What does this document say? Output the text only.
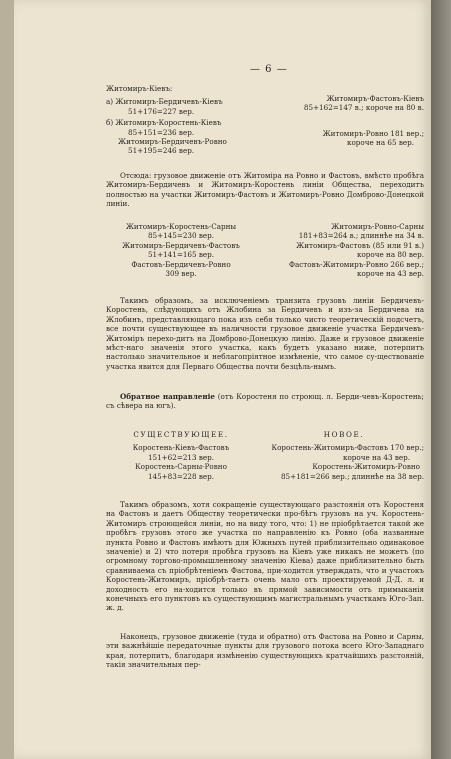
— 6 —
Житомиръ-Кіевъ:
а) Житомиръ-Бердичевъ-Кіевъ
51+176=227 вер.
б) Житомиръ-Коростень-Кіевъ
85+151=236 вер.
Житомиръ-Бердичевъ-Ровно
51+195=246 вер.
Житомиръ-Фастовъ-Кіевъ
85+162=147 в.; короче на 80 в.
Житомиръ-Ровно 181 вер.;
короче на 65 вер.
Отсюда: грузовое движеніе отъ Житоміра на Ровно и Фастовъ, вмѣсто пробѣга Житомиръ-Бердичевъ и Житомиръ-Коростень линіи Общества, переходитъ полностью на участки Житомиръ-Фастовъ и Житомиръ-Ровно Домброво-Донецкой линіи.
Житомиръ-Коростень-Сарны
85+145=230 вер.
Житомиръ-Бердичевъ-Фастовъ
51+141=165 вер.
Фастовъ-Бердичевъ-Ровно
309 вер.
Житомиръ-Ровно-Сарны
181+83=264 в.; длиннѣе на 34 в.
Житомиръ-Фастовъ (85 или 91 в.)
короче на 80 вер.
Фастовъ-Житомиръ-Ровно 266 вер.;
короче на 43 вер.
Такимъ образомъ, за исключеніемъ транзита грузовъ линіи Бердичевъ-Коростень, слѣдующихъ отъ Жлобина за Бердичевъ и изъ-за Бердичева на Жлобинъ, представляющаго пока изъ себя только чисто теоретическій подсчетъ, все почти существующее въ наличности грузовое движеніе участка Бердичевъ-Житоміръ перехо-дитъ на Домброво-Донецкую линію. Даже и грузовое движеніе мѣст-наго значенія этого участка, какъ будетъ указано ниже, потерпитъ настолько значительное и неблагопріятное измѣненіе, что самое су-ществованіе участка явится для Перваго Общества почти безцѣль-нымъ.
Обратное направленіе (отъ Коростеня по строющ. л. Берди-чевъ-Коростень; съ сѣвера на югъ).
СУЩЕСТВУЮЩЕЕ.
Коростень-Кіевъ-Фастовъ
151+62=213 вер.
Коростень-Сарны-Ровно
145+83=228 вер.
НОВОЕ.
Коростень-Житомиръ-Фастовъ 170 вер.;
короче на 43 вер.
Коростень-Житомиръ-Ровно
85+181=266 вер.; длиннѣе на 38 вер.
Такимъ образомъ, хотя сокращеніе существующаго разстоянія отъ Коростеня на Фастовъ и даетъ Обществу теоретически про-бѣгъ грузовъ на уч. Коростень-Житомиръ строющейся линіи, но на виду того, что: 1) не пріобрѣтается такой же пробѣгъ грузовъ этого же участка по направленію къ Ровно (оба названные пункта Ровно и Фастовъ имѣютъ для Южныхъ путей приблизительно одинаковое значеніе) и 2) что потеря пробѣга грузовъ на Кіевъ уже никакъ не можетъ (по огромному торгово-промышленному значенію Кіева) даже приблизительно быть сравниваема съ пріобрѣтеніемъ Фастова, при-ходится утверждать, что и участокъ Коростень-Житомиръ, пріобрѣ-таетъ очень мало отъ проектируемой Д-Д. л. и доходность его на-ходится только въ прямой зависимости отъ примыканія конечныхъ его пунктовъ къ существующимъ магистральнымъ участкамъ Юго-Зап. ж. д.
Наконецъ, грузовое движеніе (туда и обратно) отъ Фастова на Ровно и Сарны, эти важнѣйшіе передаточные пункты для грузового потока всего Юго-Западнаго края, потерпитъ, благодаря измѣненію существующихъ кратчайшихъ разстояній, такія значительныя пер-
